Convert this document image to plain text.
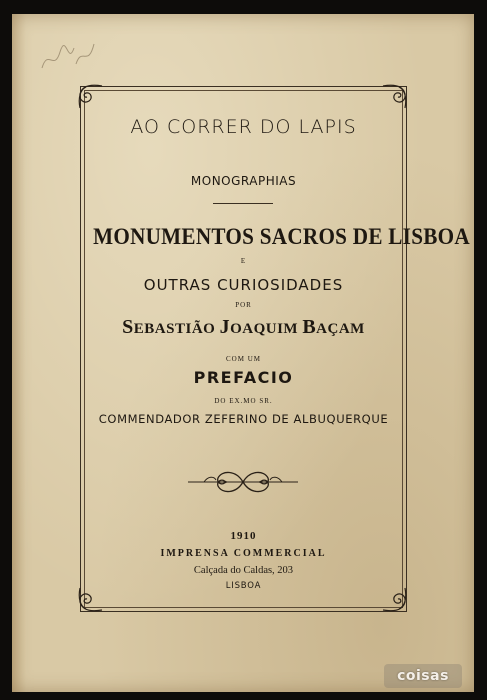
AO CORRER DO LAPIS
MONOGRAPHIAS
MONUMENTOS SACROS DE LISBOA
E
OUTRAS CURIOSIDADES
POR
SEBASTIÃO JOAQUIM BAÇAM
COM UM
PREFACIO
DO EX.MO SR.
COMMENDADOR ZEFERINO DE ALBUQUERQUE
1910
IMPRENSA COMMERCIAL
Calçada do Caldas, 203
LISBOA
coisas
